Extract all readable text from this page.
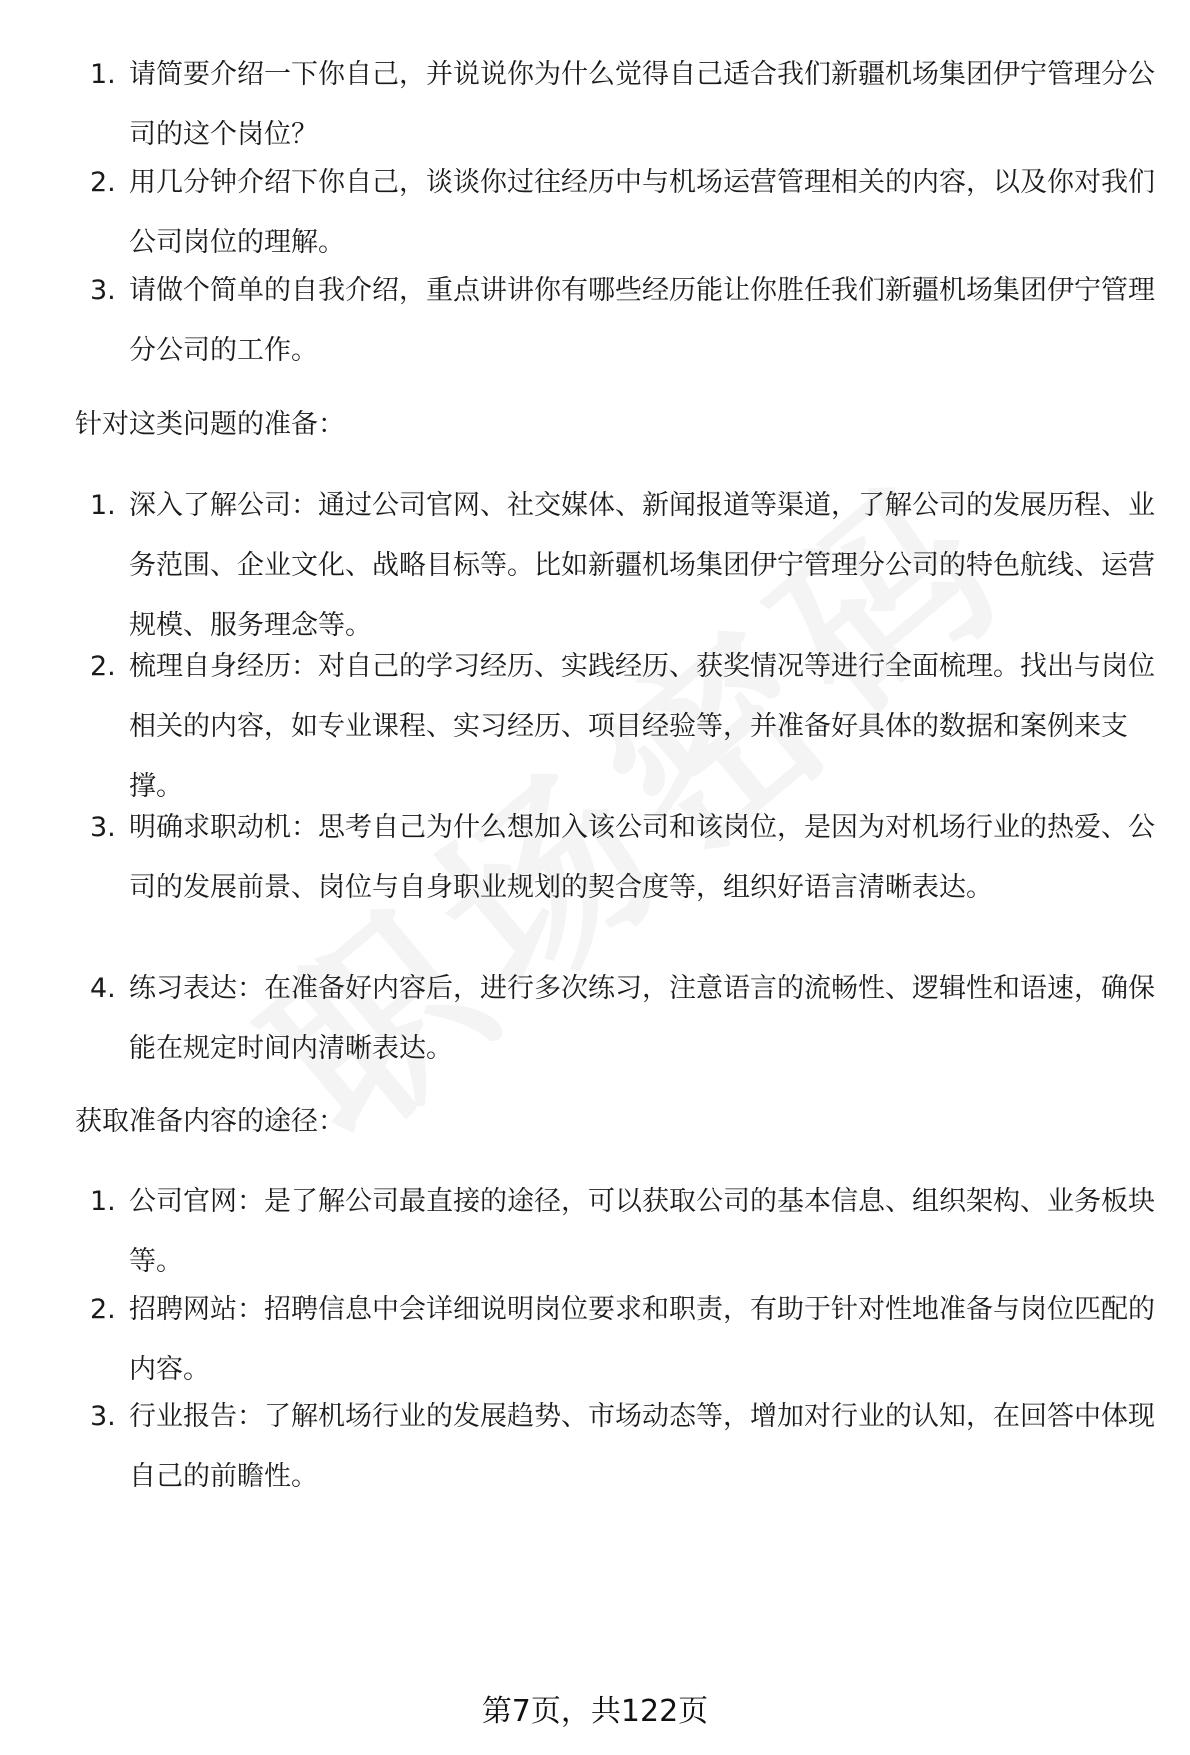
1. 请简要介绍一下你自己，并说说你为什么觉得自己适合我们新疆机场集团伊宁管理分公司的这个岗位？
2. 用几分钟介绍下你自己，谈谈你过往经历中与机场运营管理相关的内容，以及你对我们公司岗位的理解。
3. 请做个简单的自我介绍，重点讲讲你有哪些经历能让你胜任我们新疆机场集团伊宁管理分公司的工作。
针对这类问题的准备：
1. 深入了解公司：通过公司官网、社交媒体、新闻报道等渠道，了解公司的发展历程、业务范围、企业文化、战略目标等。比如新疆机场集团伊宁管理分公司的特色航线、运营规模、服务理念等。
2. 梳理自身经历：对自己的学习经历、实践经历、获奖情况等进行全面梳理。找出与岗位相关的内容，如专业课程、实习经历、项目经验等，并准备好具体的数据和案例来支撑。
3. 明确求职动机：思考自己为什么想加入该公司和该岗位，是因为对机场行业的热爱、公司的发展前景、岗位与自身职业规划的契合度等，组织好语言清晰表达。
4. 练习表达：在准备好内容后，进行多次练习，注意语言的流畅性、逻辑性和语速，确保能在规定时间内清晰表达。
获取准备内容的途径：
1. 公司官网：是了解公司最直接的途径，可以获取公司的基本信息、组织架构、业务板块等。
2. 招聘网站：招聘信息中会详细说明岗位要求和职责，有助于针对性地准备与岗位匹配的内容。
3. 行业报告：了解机场行业的发展趋势、市场动态等，增加对行业的认知，在回答中体现自己的前瞻性。
第7页，共122页
